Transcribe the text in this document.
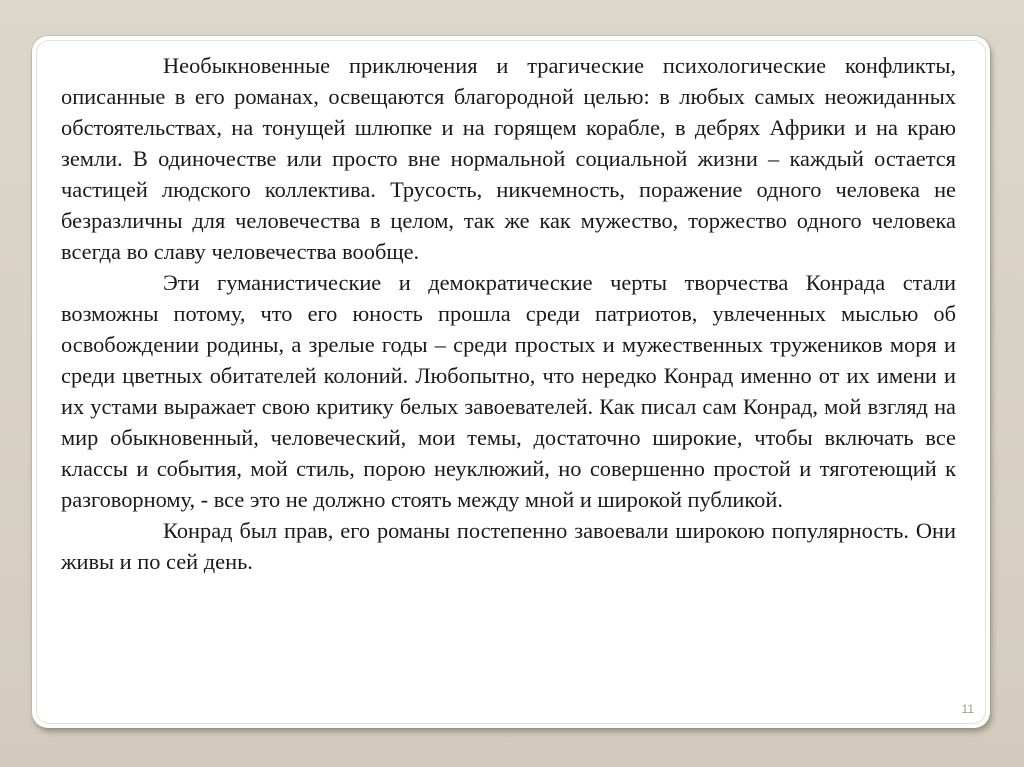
Необыкновенные приключения и трагические психологические конфликты, описанные в его романах, освещаются благородной целью: в любых самых неожиданных обстоятельствах, на тонущей шлюпке и на горящем корабле, в дебрях Африки и на краю земли. В одиночестве или просто вне нормальной социальной жизни – каждый остается частицей людского коллектива. Трусость, никчемность, поражение одного человека не безразличны для человечества в целом, так же как мужество, торжество одного человека всегда во славу человечества вообще.

Эти гуманистические и демократические черты творчества Конрада стали возможны потому, что его юность прошла среди патриотов, увлеченных мыслью об освобождении родины, а зрелые годы – среди простых и мужественных тружеников моря и среди цветных обитателей колоний. Любопытно, что нередко Конрад именно от их имени и их устами выражает свою критику белых завоевателей. Как писал сам Конрад, мой взгляд на мир обыкновенный, человеческий, мои темы, достаточно широкие, чтобы включать все классы и события, мой стиль, порою неуклюжий, но совершенно простой и тяготеющий к разговорному, - все это не должно стоять между мной и широкой публикой.

Конрад был прав, его романы постепенно завоевали широкою популярность. Они живы и по сей день.

11
